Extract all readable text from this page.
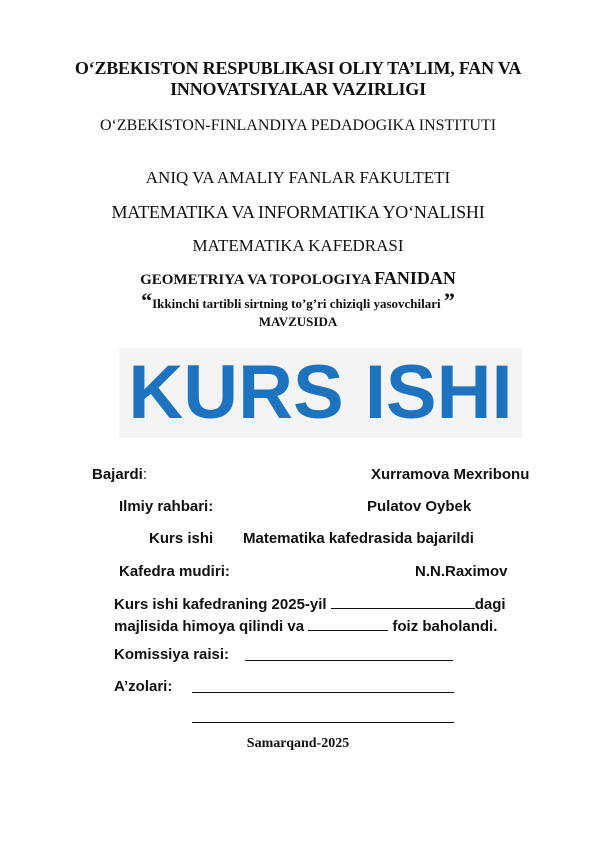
O‘ZBEKISTON RESPUBLIKASI OLIY TA’LIM, FAN VA INNOVATSIYALAR VAZIRLIGI
O‘ZBEKISTON-FINLANDIYA PEDADOGIKA INSTITUTI
ANIQ VA AMALIY FANLAR FAKULTETI
MATEMATIKA VA INFORMATIKA YO‘NALISHI
MATEMATIKA KAFEDRASI
GEOMETRIYA VA TOPOLOGIYA FANIDAN
“Ikkinchi tartibli sirtning to’g’ri chiziqli yasovchilari ”
MAVZUSIDA
KURS ISHI
Bajardi:	Xurramova Mexribonu
Ilmiy rahbari:	Pulatov Oybek
Kurs ishi Matematika kafedrasida bajarildi
Kafedra mudiri:	N.N.Raximov
Kurs ishi kafedraning 2025-yil	dagi
majlisida himoya qilindi va	foiz baholandi.
Komissiya raisi:
A’zolari:
Samarqand-2025
